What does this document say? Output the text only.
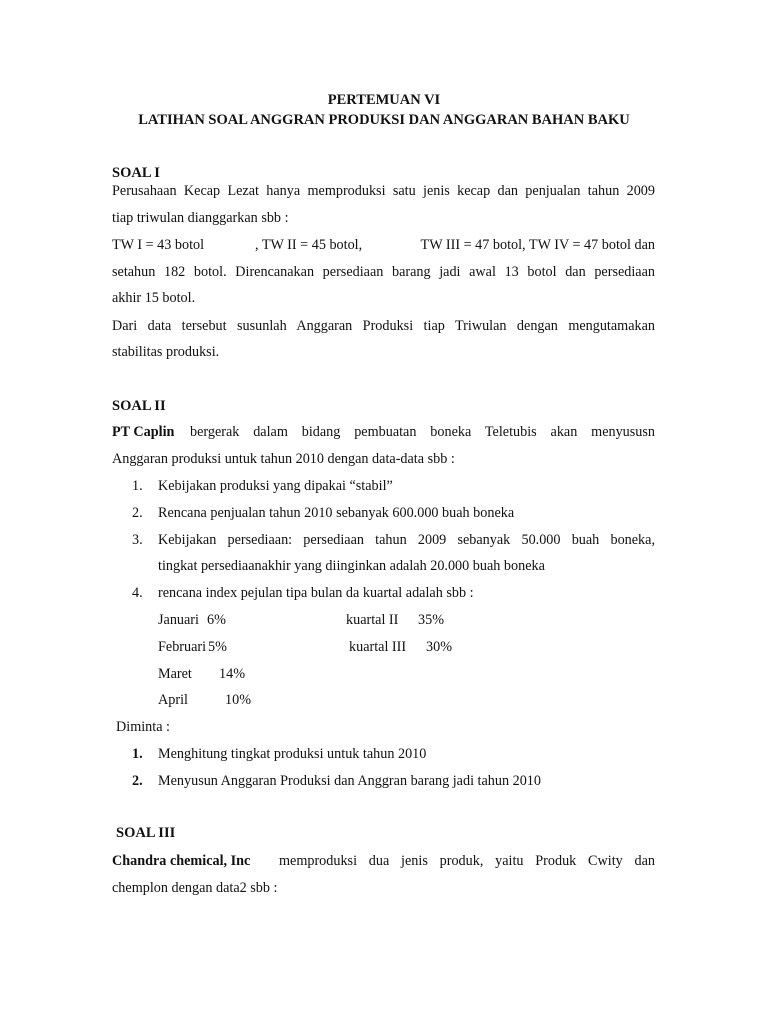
PERTEMUAN VI
LATIHAN SOAL ANGGRAN PRODUKSI DAN ANGGARAN BAHAN BAKU
SOAL I
Perusahaan Kecap Lezat hanya memproduksi satu jenis kecap dan penjualan tahun 2009
tiap triwulan dianggarkan sbb :
TW I = 43 botol	, TW II = 45 botol,	TW III = 47 botol, TW IV = 47 botol dan
setahun 182 botol. Direncanakan persediaan barang jadi awal 13 botol dan persediaan
akhir 15 botol.
Dari data tersebut susunlah Anggaran Produksi tiap Triwulan dengan mengutamakan
stabilitas produksi.
SOAL II
PT Caplin bergerak dalam bidang pembuatan boneka Teletubis akan menyususn
Anggaran produksi untuk tahun 2010 dengan data-data sbb :
1. Kebijakan produksi yang dipakai “stabil”
2. Rencana penjualan tahun 2010 sebanyak 600.000 buah boneka
3. Kebijakan persediaan: persediaan tahun 2009 sebanyak 50.000 buah boneka,
tingkat persediaanakhir yang diinginkan adalah 20.000 buah boneka
4. rencana index pejulan tipa bulan da kuartal adalah sbb :
Januari 6%	kuartal II 35%
Februari 5%	kuartal III 30%
Maret 14%
April	10%
Diminta :
1. Menghitung tingkat produksi untuk tahun 2010
2. Menyusun Anggaran Produksi dan Anggran barang jadi tahun 2010
SOAL III
Chandra chemical, Inc memproduksi dua jenis produk, yaitu Produk Cwity dan
chemplon dengan data2 sbb :
